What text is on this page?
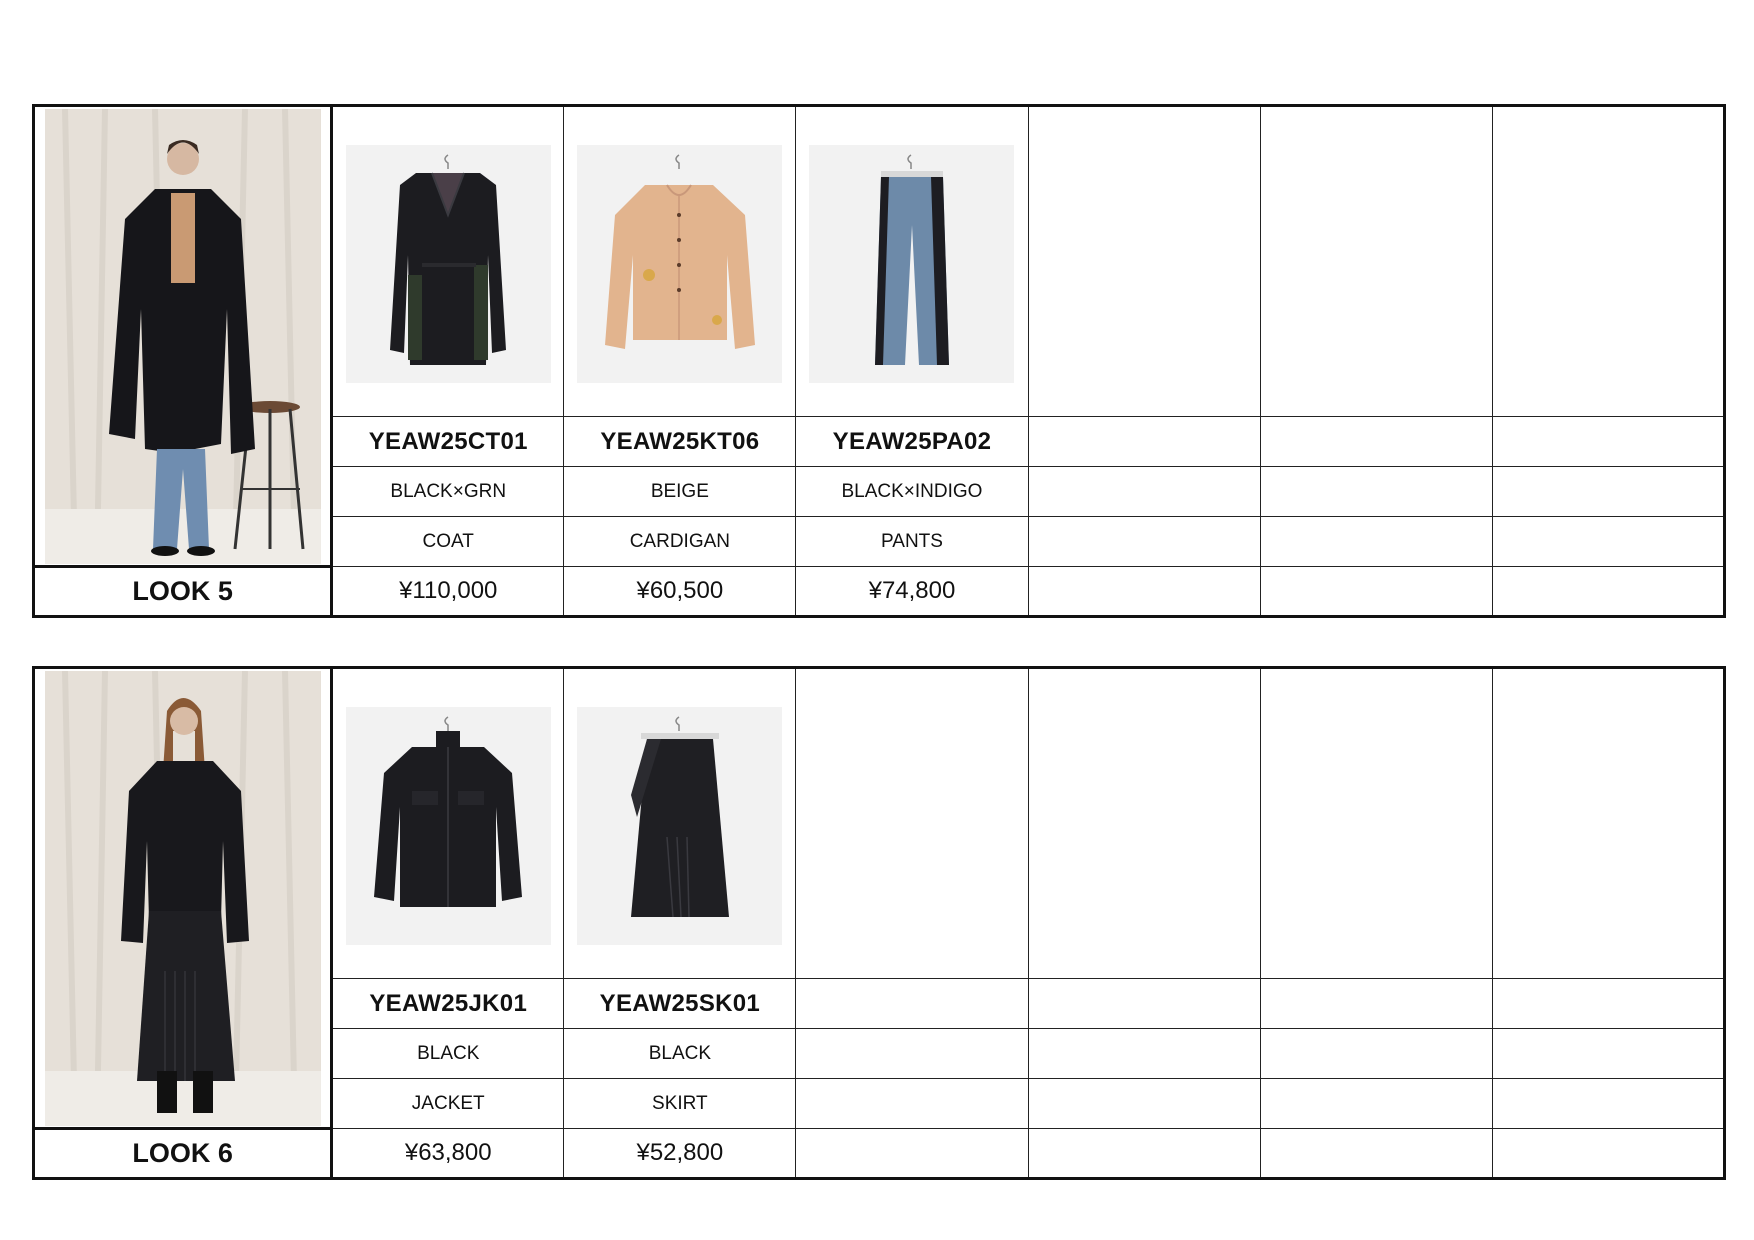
	YEAW25CT01	YEAW25KT06	YEAW25PA02			
	BLACK×GRN	BEIGE	BLACK×INDIGO			
	COAT	CARDIGAN	PANTS			
LOOK 5	¥110,000	¥60,500	¥74,800			

	YEAW25JK01	YEAW25SK01				
	BLACK	BLACK				
	JACKET	SKIRT				
LOOK 6	¥63,800	¥52,800				
